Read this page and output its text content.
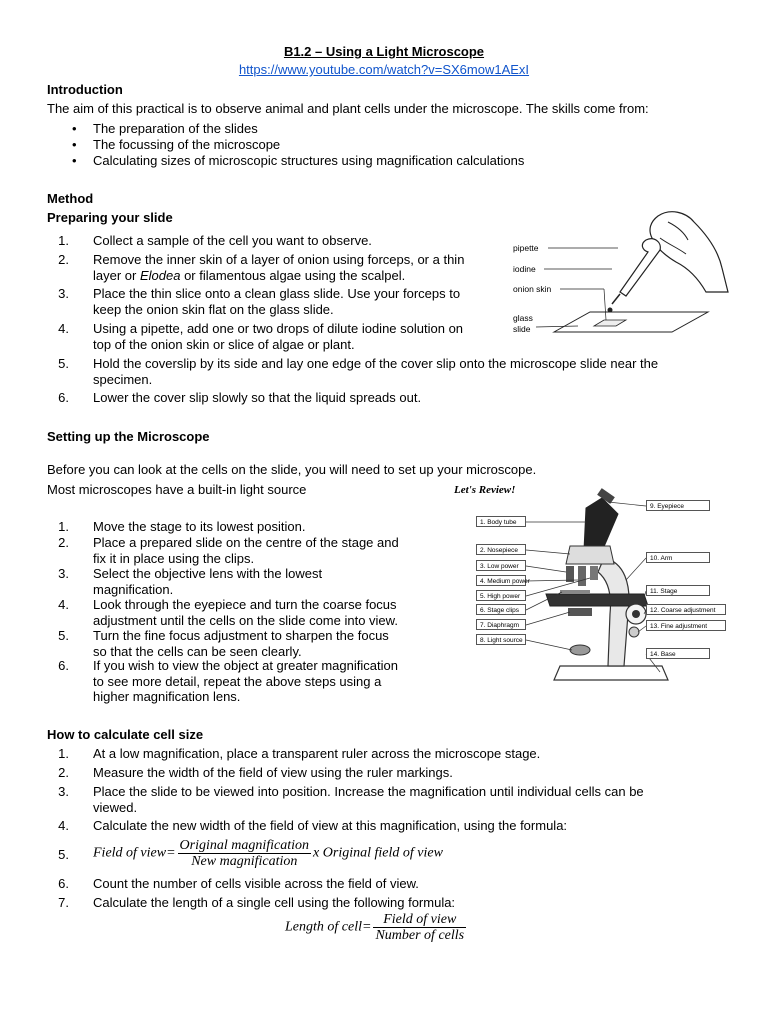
B1.2 – Using a Light Microscope
https://www.youtube.com/watch?v=SX6mow1AExI
Introduction
The aim of this practical is to observe animal and plant cells under the microscope. The skills come from:
• The preparation of the slides
• The focussing of the microscope
• Calculating sizes of microscopic structures using magnification calculations
Method
Preparing your slide
1. Collect a sample of the cell you want to observe.
2. Remove the inner skin of a layer of onion using forceps, or a thin
layer or Elodea or filamentous algae using the scalpel.
3. Place the thin slice onto a clean glass slide. Use your forceps to
keep the onion skin flat on the glass slide.
4. Using a pipette, add one or two drops of dilute iodine solution on
top of the onion skin or slice of algae or plant.
5. Hold the coverslip by its side and lay one edge of the cover slip onto the microscope slide near the
specimen.
6. Lower the cover slip slowly so that the liquid spreads out.
pipette
iodine
onion skin
glass
slide
Setting up the Microscope
Before you can look at the cells on the slide, you will need to set up your microscope.
Most microscopes have a built-in light source
1. Move the stage to its lowest position.
2. Place a prepared slide on the centre of the stage and
fix it in place using the clips.
3. Select the objective lens with the lowest
magnification.
4. Look through the eyepiece and turn the coarse focus
adjustment until the cells on the slide come into view.
5. Turn the fine focus adjustment to sharpen the focus
so that the cells can be seen clearly.
6. If you wish to view the object at greater magnification
to see more detail, repeat the above steps using a
higher magnification lens.
Let's Review!
1. Body tube
2. Nosepiece
3. Low power
4. Medium power
5. High power
6. Stage clips
7. Diaphragm
8. Light source
9. Eyepiece
10. Arm
11. Stage
12. Coarse adjustment
13. Fine adjustment
14. Base
How to calculate cell size
1. At a low magnification, place a transparent ruler across the microscope stage.
2. Measure the width of the field of view using the ruler markings.
3. Place the slide to be viewed into position. Increase the magnification until individual cells can be
viewed.
4. Calculate the new width of the field of view at this magnification, using the formula:
5. Field of view= $\frac{\text{Original magnification}}{\text{New magnification}}$ x Original field of view
6. Count the number of cells visible across the field of view.
7. Calculate the length of a single cell using the following formula:
Length of cell= $\frac{\text{Field of view}}{\text{Number of cells}}$
